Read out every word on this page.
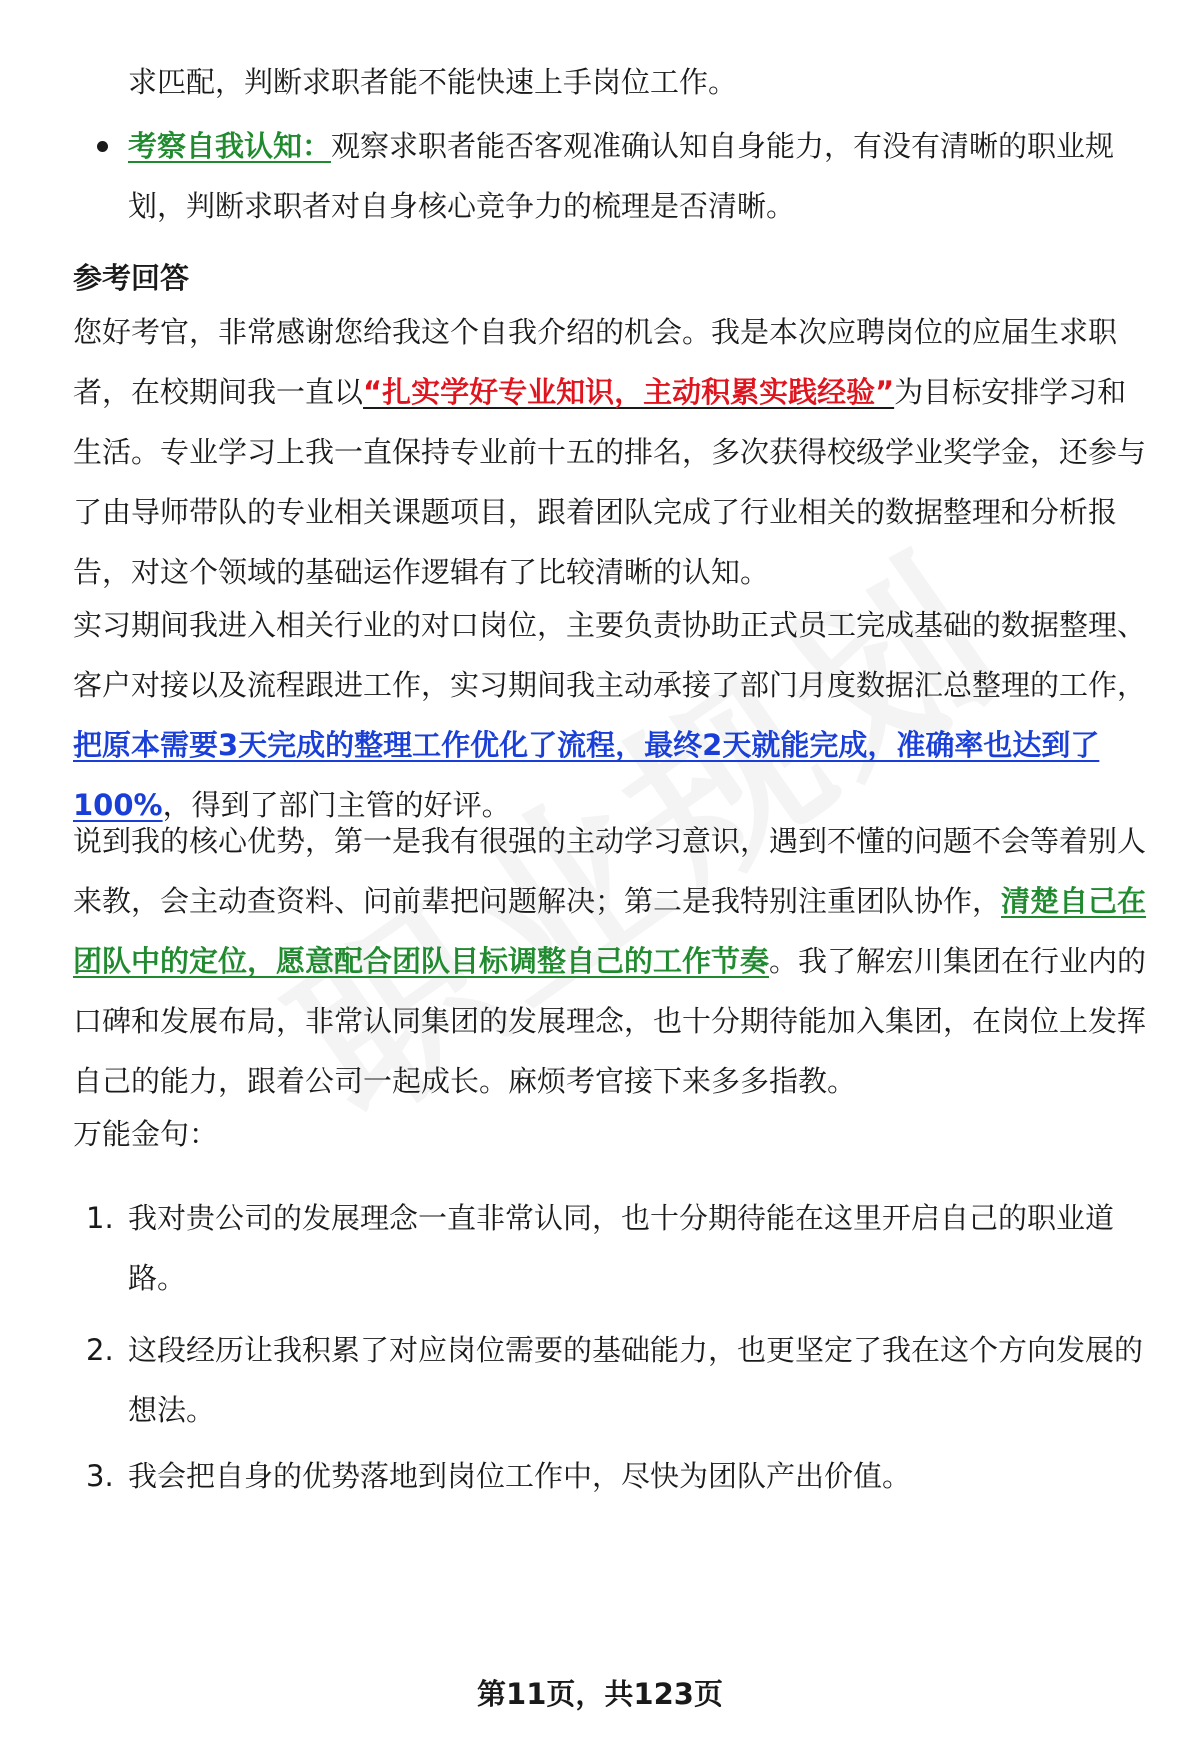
求匹配，判断求职者能不能快速上手岗位工作。

考察自我认知：观察求职者能否客观准确认知自身能力，有没有清晰的职业规划，判断求职者对自身核心竞争力的梳理是否清晰。

参考回答

您好考官，非常感谢您给我这个自我介绍的机会。我是本次应聘岗位的应届生求职者，在校期间我一直以“扎实学好专业知识，主动积累实践经验”为目标安排学习和生活。专业学习上我一直保持专业前十五的排名，多次获得校级学业奖学金，还参与了由导师带队的专业相关课题项目，跟着团队完成了行业相关的数据整理和分析报告，对这个领域的基础运作逻辑有了比较清晰的认知。

实习期间我进入相关行业的对口岗位，主要负责协助正式员工完成基础的数据整理、客户对接以及流程跟进工作，实习期间我主动承接了部门月度数据汇总整理的工作，把原本需要3天完成的整理工作优化了流程，最终2天就能完成，准确率也达到了100%，得到了部门主管的好评。

说到我的核心优势，第一是我有很强的主动学习意识，遇到不懂的问题不会等着别人来教，会主动查资料、问前辈把问题解决；第二是我特别注重团队协作，清楚自己在团队中的定位，愿意配合团队目标调整自己的工作节奏。我了解宏川集团在行业内的口碑和发展布局，非常认同集团的发展理念，也十分期待能加入集团，在岗位上发挥自己的能力，跟着公司一起成长。麻烦考官接下来多多指教。

万能金句：

1. 我对贵公司的发展理念一直非常认同，也十分期待能在这里开启自己的职业道路。

2. 这段经历让我积累了对应岗位需要的基础能力，也更坚定了我在这个方向发展的想法。

3. 我会把自身的优势落地到岗位工作中，尽快为团队产出价值。

第11页，共123页
